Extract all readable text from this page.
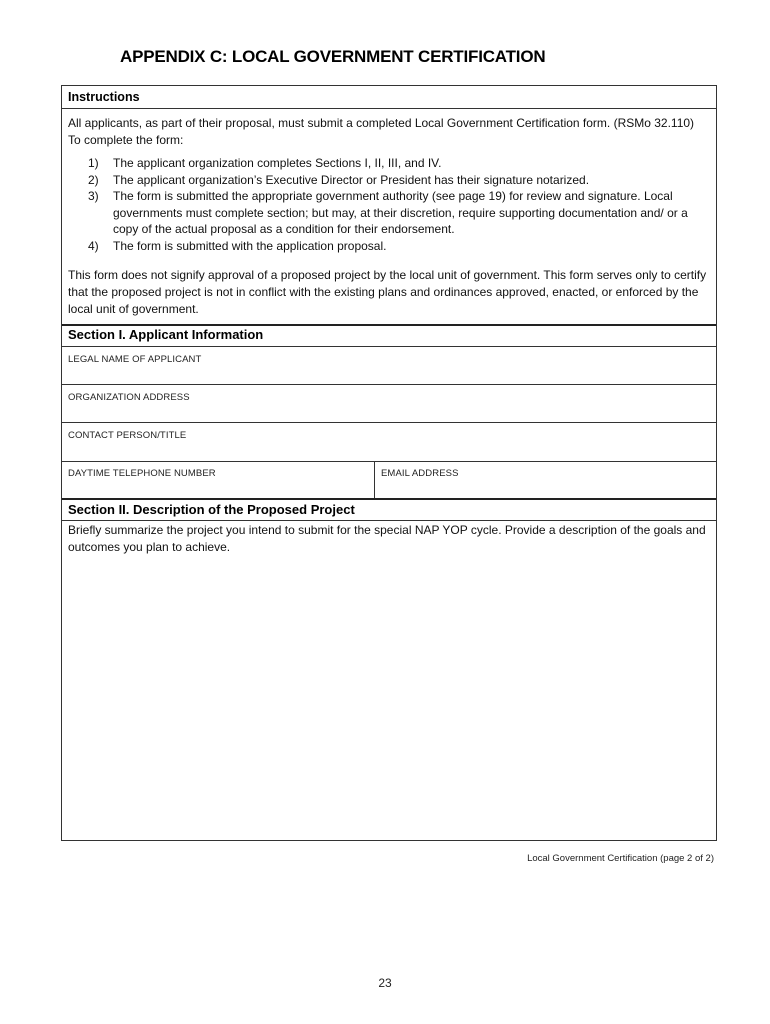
APPENDIX C: LOCAL GOVERNMENT CERTIFICATION
Instructions
All applicants, as part of their proposal, must submit a completed Local Government Certification form. (RSMo 32.110) To complete the form:
1) The applicant organization completes Sections I, II, III, and IV.
2) The applicant organization’s Executive Director or President has their signature notarized.
3) The form is submitted the appropriate government authority (see page 19) for review and signature. Local governments must complete section; but may, at their discretion, require supporting documentation and/ or a copy of the actual proposal as a condition for their endorsement.
4) The form is submitted with the application proposal.
This form does not signify approval of a proposed project by the local unit of government. This form serves only to certify that the proposed project is not in conflict with the existing plans and ordinances approved, enacted, or enforced by the local unit of government.
Section I. Applicant Information
LEGAL NAME OF APPLICANT
ORGANIZATION ADDRESS
CONTACT PERSON/TITLE
DAYTIME TELEPHONE NUMBER	EMAIL ADDRESS
Section II. Description of the Proposed Project
Briefly summarize the project you intend to submit for the special NAP YOP cycle. Provide a description of the goals and outcomes you plan to achieve.
Local Government Certification (page 2 of 2)
23
